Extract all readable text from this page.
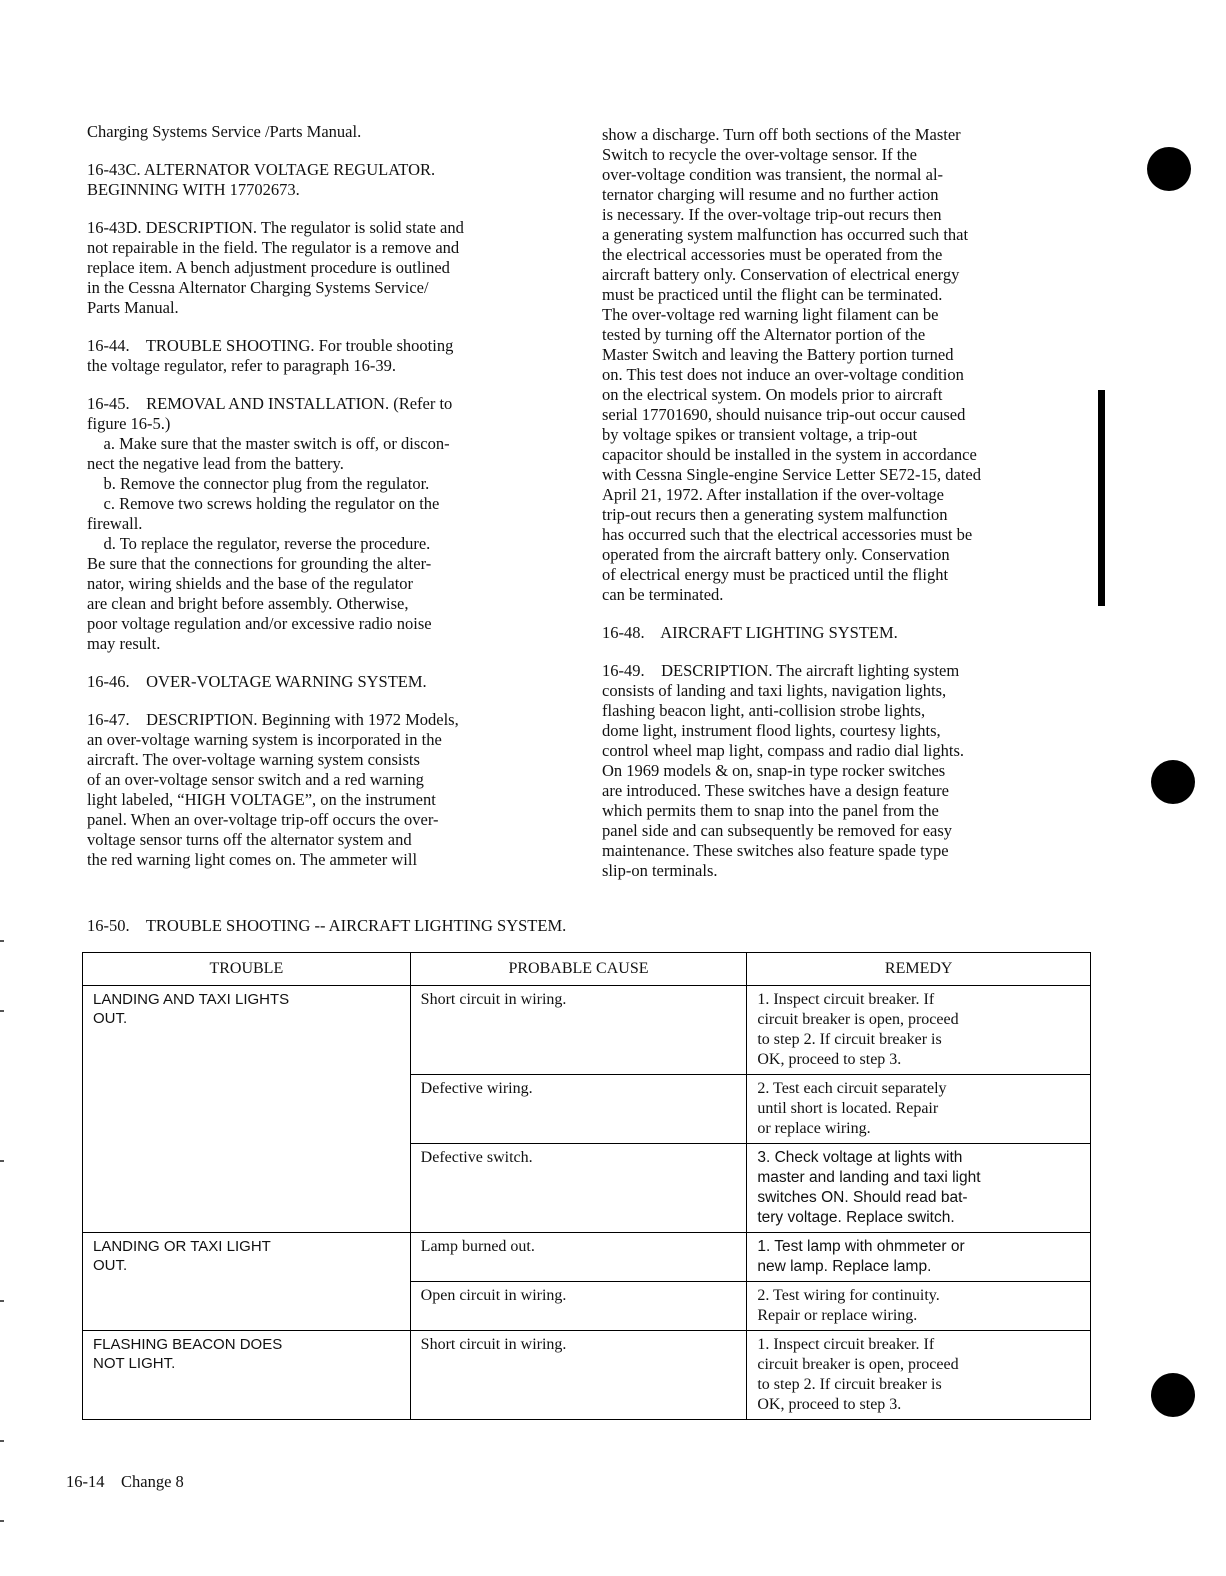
Charging Systems Service /Parts Manual.

16-43C. ALTERNATOR VOLTAGE REGULATOR.
BEGINNING WITH 17702673.

16-43D. DESCRIPTION. The regulator is solid state and
not repairable in the field. The regulator is a remove and
replace item. A bench adjustment procedure is outlined
in the Cessna Alternator Charging Systems Service/
Parts Manual.

16-44.    TROUBLE SHOOTING. For trouble shooting
the voltage regulator, refer to paragraph 16-39.

16-45.    REMOVAL AND INSTALLATION. (Refer to
figure 16-5.)
a. Make sure that the master switch is off, or discon-
nect the negative lead from the battery.
b. Remove the connector plug from the regulator.
c. Remove two screws holding the regulator on the
firewall.
d. To replace the regulator, reverse the procedure.
Be sure that the connections for grounding the alter-
nator, wiring shields and the base of the regulator
are clean and bright before assembly. Otherwise,
poor voltage regulation and/or excessive radio noise
may result.

16-46.    OVER-VOLTAGE WARNING SYSTEM.

16-47.    DESCRIPTION. Beginning with 1972 Models,
an over-voltage warning system is incorporated in the
aircraft. The over-voltage warning system consists
of an over-voltage sensor switch and a red warning
light labeled, “HIGH VOLTAGE”, on the instrument
panel. When an over-voltage trip-off occurs the over-
voltage sensor turns off the alternator system and
the red warning light comes on. The ammeter will

show a discharge. Turn off both sections of the Master
Switch to recycle the over-voltage sensor. If the
over-voltage condition was transient, the normal al-
ternator charging will resume and no further action
is necessary. If the over-voltage trip-out recurs then
a generating system malfunction has occurred such that
the electrical accessories must be operated from the
aircraft battery only. Conservation of electrical energy
must be practiced until the flight can be terminated.
The over-voltage red warning light filament can be
tested by turning off the Alternator portion of the
Master Switch and leaving the Battery portion turned
on. This test does not induce an over-voltage condition
on the electrical system. On models prior to aircraft
serial 17701690, should nuisance trip-out occur caused
by voltage spikes or transient voltage, a trip-out
capacitor should be installed in the system in accordance
with Cessna Single-engine Service Letter SE72-15, dated
April 21, 1972. After installation if the over-voltage
trip-out recurs then a generating system malfunction
has occurred such that the electrical accessories must be
operated from the aircraft battery only. Conservation
of electrical energy must be practiced until the flight
can be terminated.

16-48.    AIRCRAFT LIGHTING SYSTEM.

16-49.    DESCRIPTION. The aircraft lighting system
consists of landing and taxi lights, navigation lights,
flashing beacon light, anti-collision strobe lights,
dome light, instrument flood lights, courtesy lights,
control wheel map light, compass and radio dial lights.
On 1969 models & on, snap-in type rocker switches
are introduced. These switches have a design feature
which permits them to snap into the panel from the
panel side and can subsequently be removed for easy
maintenance. These switches also feature spade type
slip-on terminals.

16-50.    TROUBLE SHOOTING -- AIRCRAFT LIGHTING SYSTEM.
TROUBLE	PROBABLE CAUSE	REMEDY

LANDING AND TAXI LIGHTS
OUT.	Short circuit in wiring.	1. Inspect circuit breaker. If
circuit breaker is open, proceed
to step 2. If circuit breaker is
OK, proceed to step 3.

	Defective wiring.	2. Test each circuit separately
until short is located. Repair
or replace wiring.

	Defective switch.	3. Check voltage at lights with
master and landing and taxi light
switches ON. Should read bat-
tery voltage. Replace switch.

LANDING OR TAXI LIGHT
OUT.	Lamp burned out.	1. Test lamp with ohmmeter or
new lamp. Replace lamp.

	Open circuit in wiring.	2. Test wiring for continuity.
Repair or replace wiring.

FLASHING BEACON DOES
NOT LIGHT.	Short circuit in wiring.	1. Inspect circuit breaker. If
circuit breaker is open, proceed
to step 2. If circuit breaker is
OK, proceed to step 3.
16-14    Change 8
